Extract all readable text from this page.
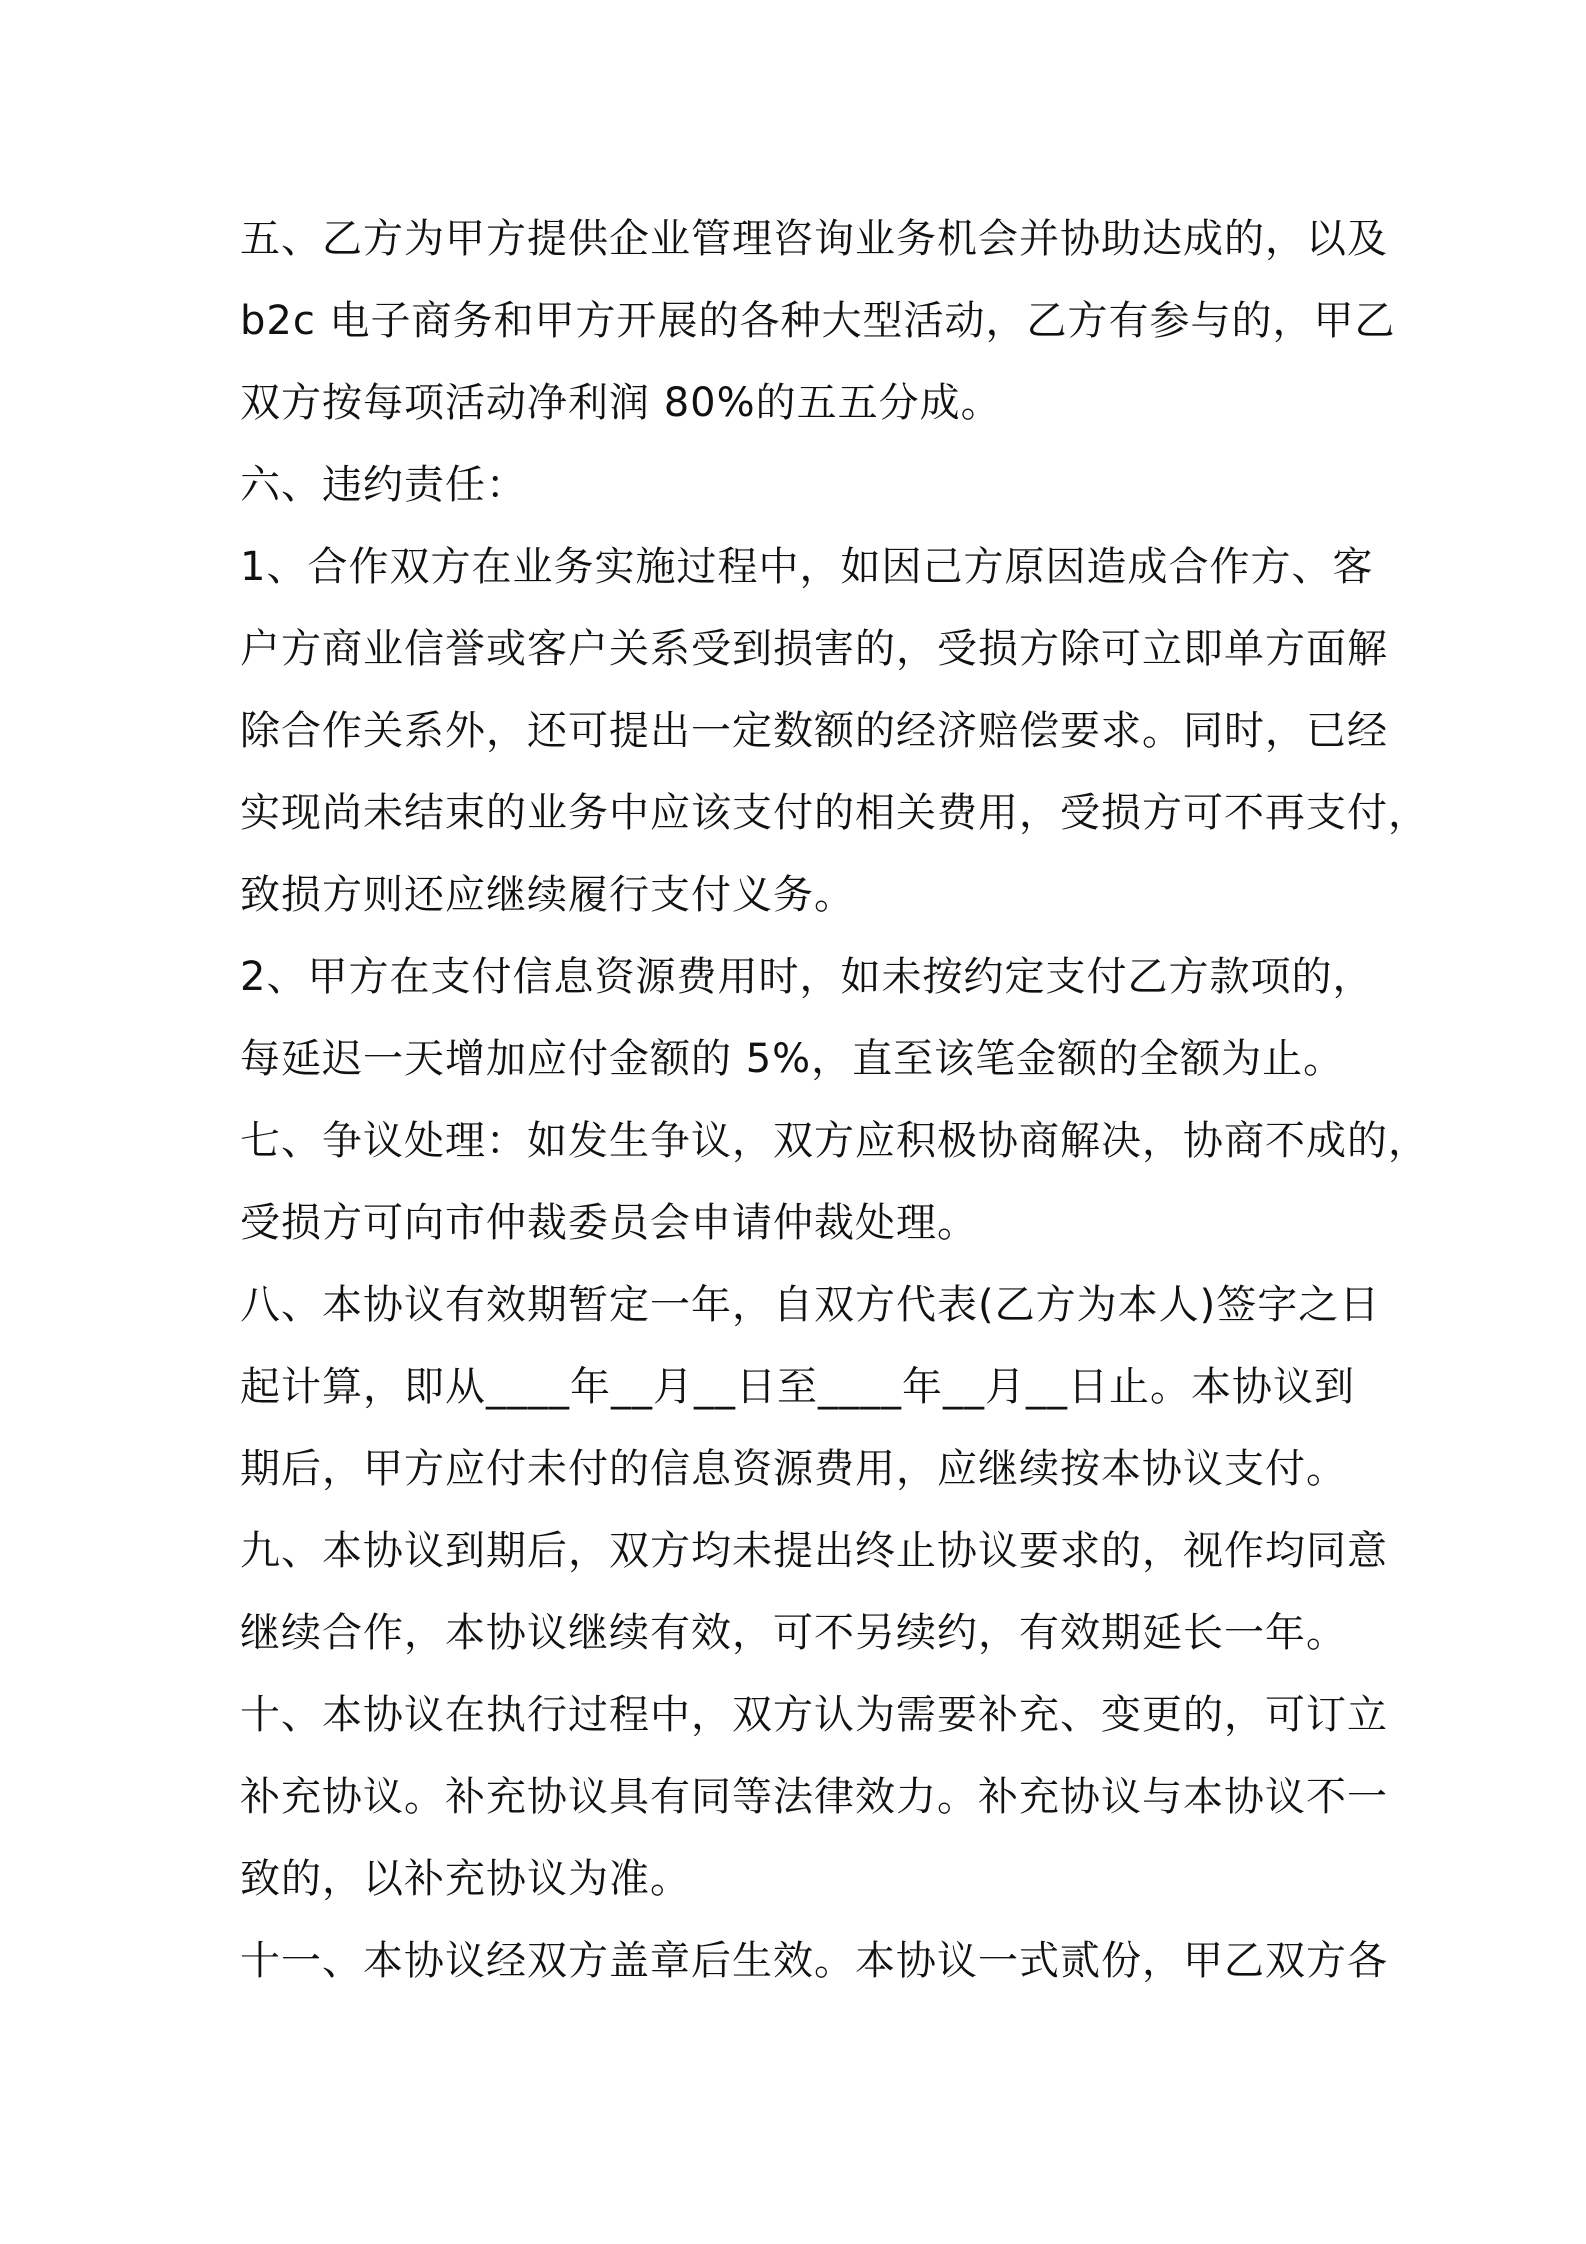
五、乙方为甲方提供企业管理咨询业务机会并协助达成的，以及
b2c 电子商务和甲方开展的各种大型活动，乙方有参与的，甲乙
双方按每项活动净利润 80%的五五分成。

六、违约责任：

1、合作双方在业务实施过程中，如因己方原因造成合作方、客
户方商业信誉或客户关系受到损害的，受损方除可立即单方面解
除合作关系外，还可提出一定数额的经济赔偿要求。同时，已经
实现尚未结束的业务中应该支付的相关费用，受损方可不再支付，
致损方则还应继续履行支付义务。

2、甲方在支付信息资源费用时，如未按约定支付乙方款项的，
每延迟一天增加应付金额的 5%，直至该笔金额的全额为止。

七、争议处理：如发生争议，双方应积极协商解决，协商不成的，
受损方可向市仲裁委员会申请仲裁处理。

八、本协议有效期暂定一年，自双方代表(乙方为本人)签字之日
起计算，即从____年__月__日至____年__月__日止。本协议到
期后，甲方应付未付的信息资源费用，应继续按本协议支付。

九、本协议到期后，双方均未提出终止协议要求的，视作均同意
继续合作，本协议继续有效，可不另续约，有效期延长一年。

十、本协议在执行过程中，双方认为需要补充、变更的，可订立
补充协议。补充协议具有同等法律效力。补充协议与本协议不一
致的，以补充协议为准。

十一、本协议经双方盖章后生效。本协议一式贰份，甲乙双方各
